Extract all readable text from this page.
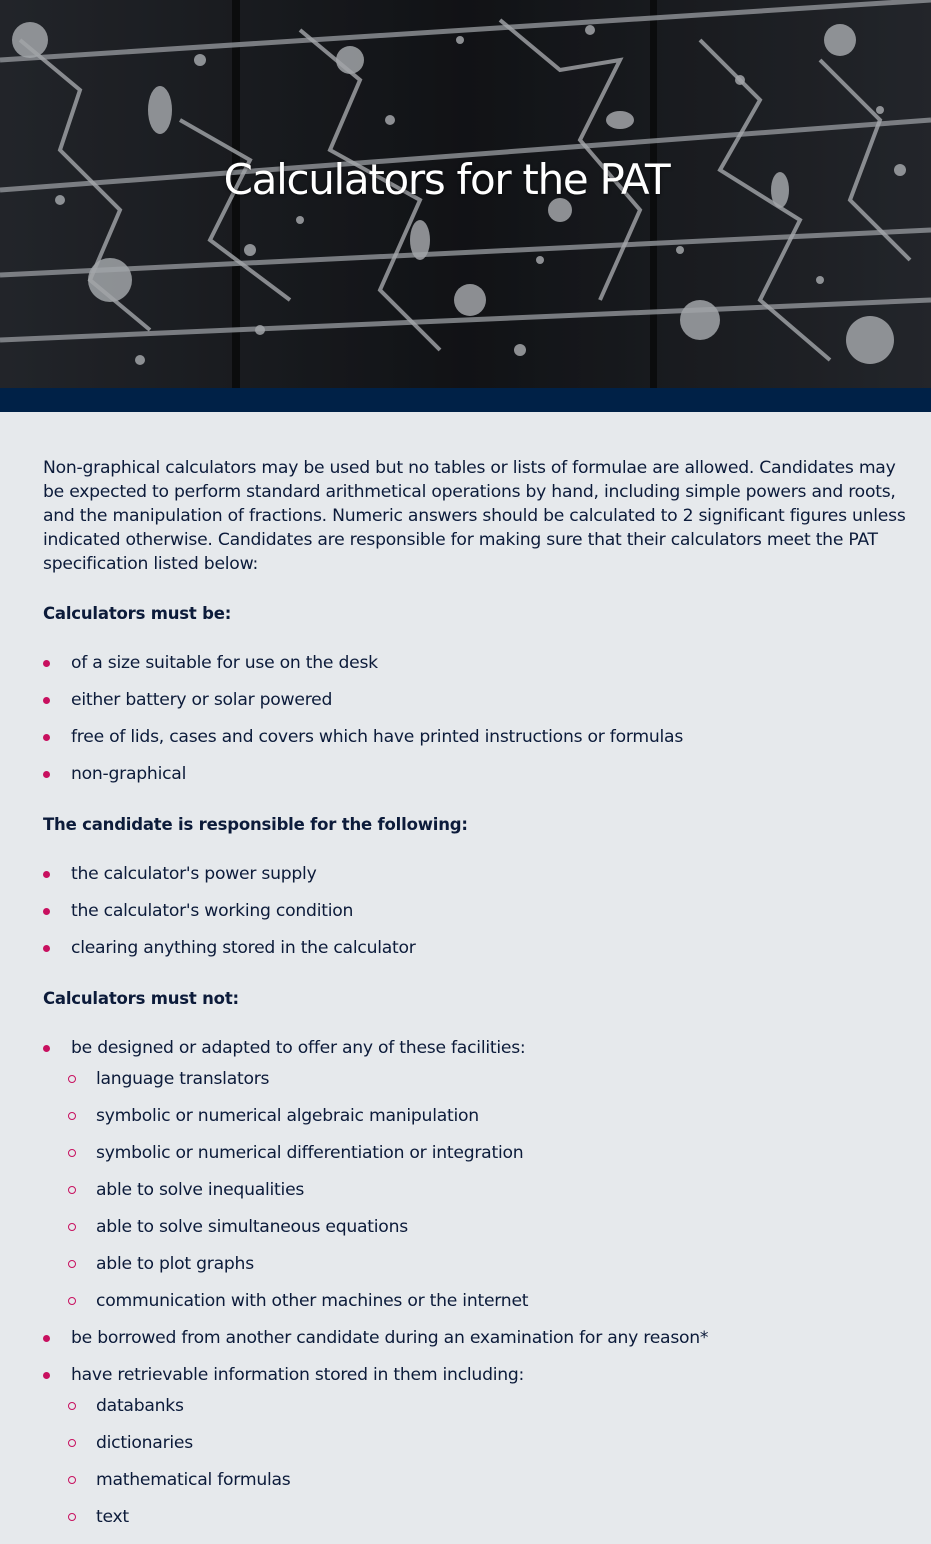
Calculators for the PAT

Non-graphical calculators may be used but no tables or lists of formulae are allowed. Candidates may be expected to perform standard arithmetical operations by hand, including simple powers and roots, and the manipulation of fractions. Numeric answers should be calculated to 2 significant figures unless indicated otherwise. Candidates are responsible for making sure that their calculators meet the PAT specification listed below:

Calculators must be:
of a size suitable for use on the desk
either battery or solar powered
free of lids, cases and covers which have printed instructions or formulas
non-graphical
The candidate is responsible for the following:
the calculator's power supply
the calculator's working condition
clearing anything stored in the calculator
Calculators must not:
be designed or adapted to offer any of these facilities:
language translators
symbolic or numerical algebraic manipulation
symbolic or numerical differentiation or integration
able to solve inequalities
able to solve simultaneous equations
able to plot graphs
communication with other machines or the internet
be borrowed from another candidate during an examination for any reason*
have retrievable information stored in them including:
databanks
dictionaries
mathematical formulas
text
